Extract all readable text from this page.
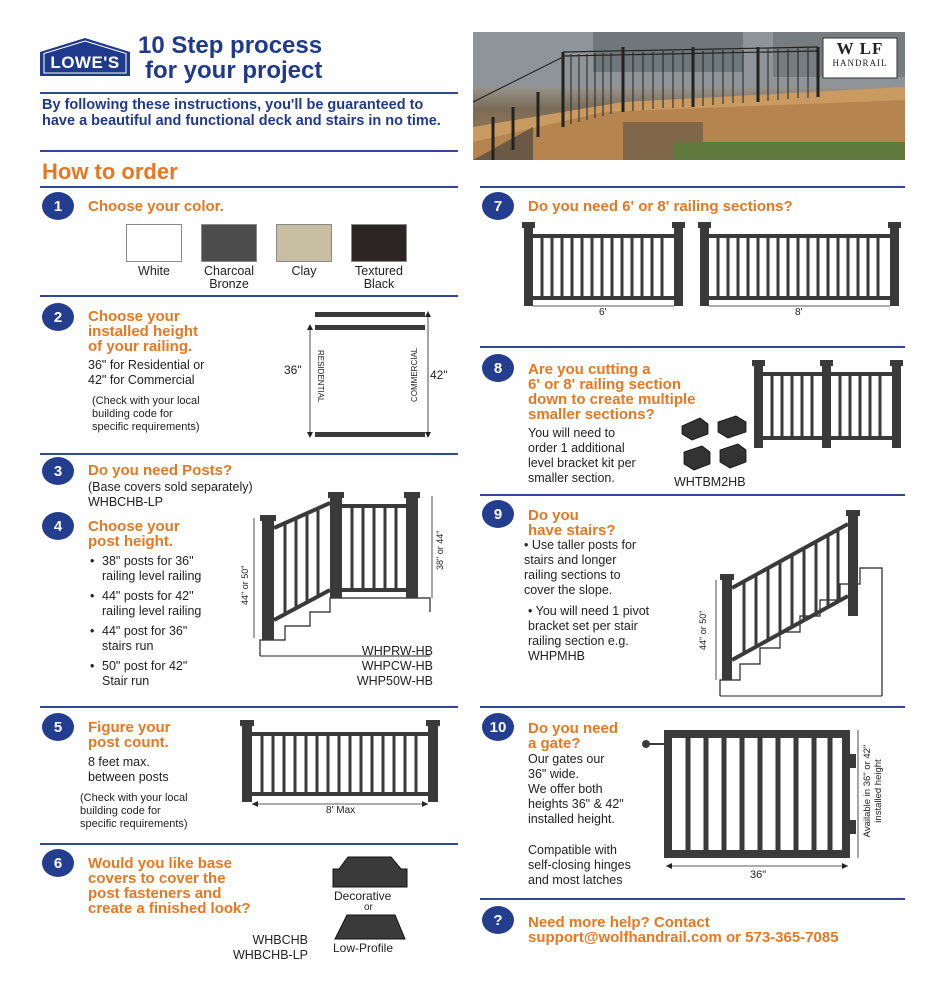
LOWE'S
10 Step process
for your project
By following these instructions, you'll be guaranteed to have a beautiful and functional deck and stairs in no time.
W LF
HANDRAIL
How to order
1	Choose your color.
White	Charcoal
Bronze
Clay	Textured
Black
2	Choose your
installed height
of your railing.
36" for Residential or
42" for Commercial
(Check with your local
building code for
specific requirements)
36"	42"
RESIDENTIAL	COMMERCIAL
3	Do you need Posts?
(Base covers sold separately)
WHBCHB-LP
4	Choose your
post height.
• 38" posts for 36"
railing level railing
• 44" posts for 42"
railing level railing
• 44" post for 36"
stairs run
• 50" post for 42"
Stair run
44" or 50"
38" or 44"
WHPRW-HB
WHPCW-HB
WHP50W-HB
5	Figure your
post count.
8 feet max.
between posts
(Check with your local
building code for
specific requirements)
8' Max
6	Would you like base
covers to cover the
post fasteners and
create a finished look?
Decorative
or
Low-Profile
WHBCHB
WHBCHB-LP
7	Do you need 6' or 8' railing sections?
6'	8'
8	Are you cutting a
6' or 8' railing section
down to create multiple
smaller sections?
You will need to
order 1 additional
level bracket kit per
smaller section.	WHTBM2HB
9	Do you
have stairs?
• Use taller posts for
stairs and longer
railing sections to
cover the slope.
• You will need 1 pivot
bracket set per stair
railing section e.g.
WHPMHB
44" or 50"
10	Do you need
a gate?
Our gates our
36" wide.
We offer both
heights 36" & 42"
installed height.
Compatible with
self-closing hinges
and most latches	36"
Available in 36" or 42" installed height
?	Need more help? Contact
support@wolfhandrail.com or 573-365-7085
